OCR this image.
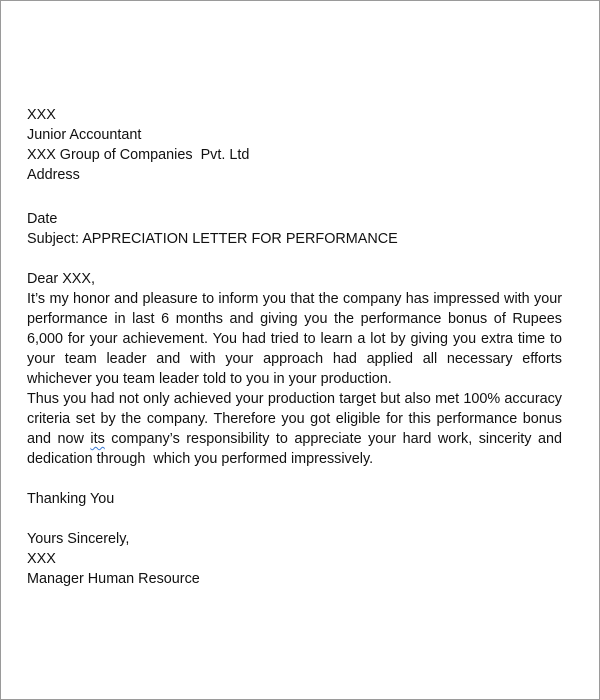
XXX
Junior Accountant
XXX Group of Companies  Pvt. Ltd
Address
Date
Subject: APPRECIATION LETTER FOR PERFORMANCE
Dear XXX,
It’s my honor and pleasure to inform you that the company has impressed with your performance in last 6 months and giving you the performance bonus of Rupees 6,000 for your achievement. You had tried to learn a lot by giving you extra time to your team leader and with your approach had applied all necessary efforts whichever you team leader told to you in your production.
Thus you had not only achieved your production target but also met 100% accuracy criteria set by the company. Therefore you got eligible for this performance bonus and now its company’s responsibility to appreciate your hard work, sincerity and dedication through  which you performed impressively.
Thanking You
Yours Sincerely,
XXX
Manager Human Resource
